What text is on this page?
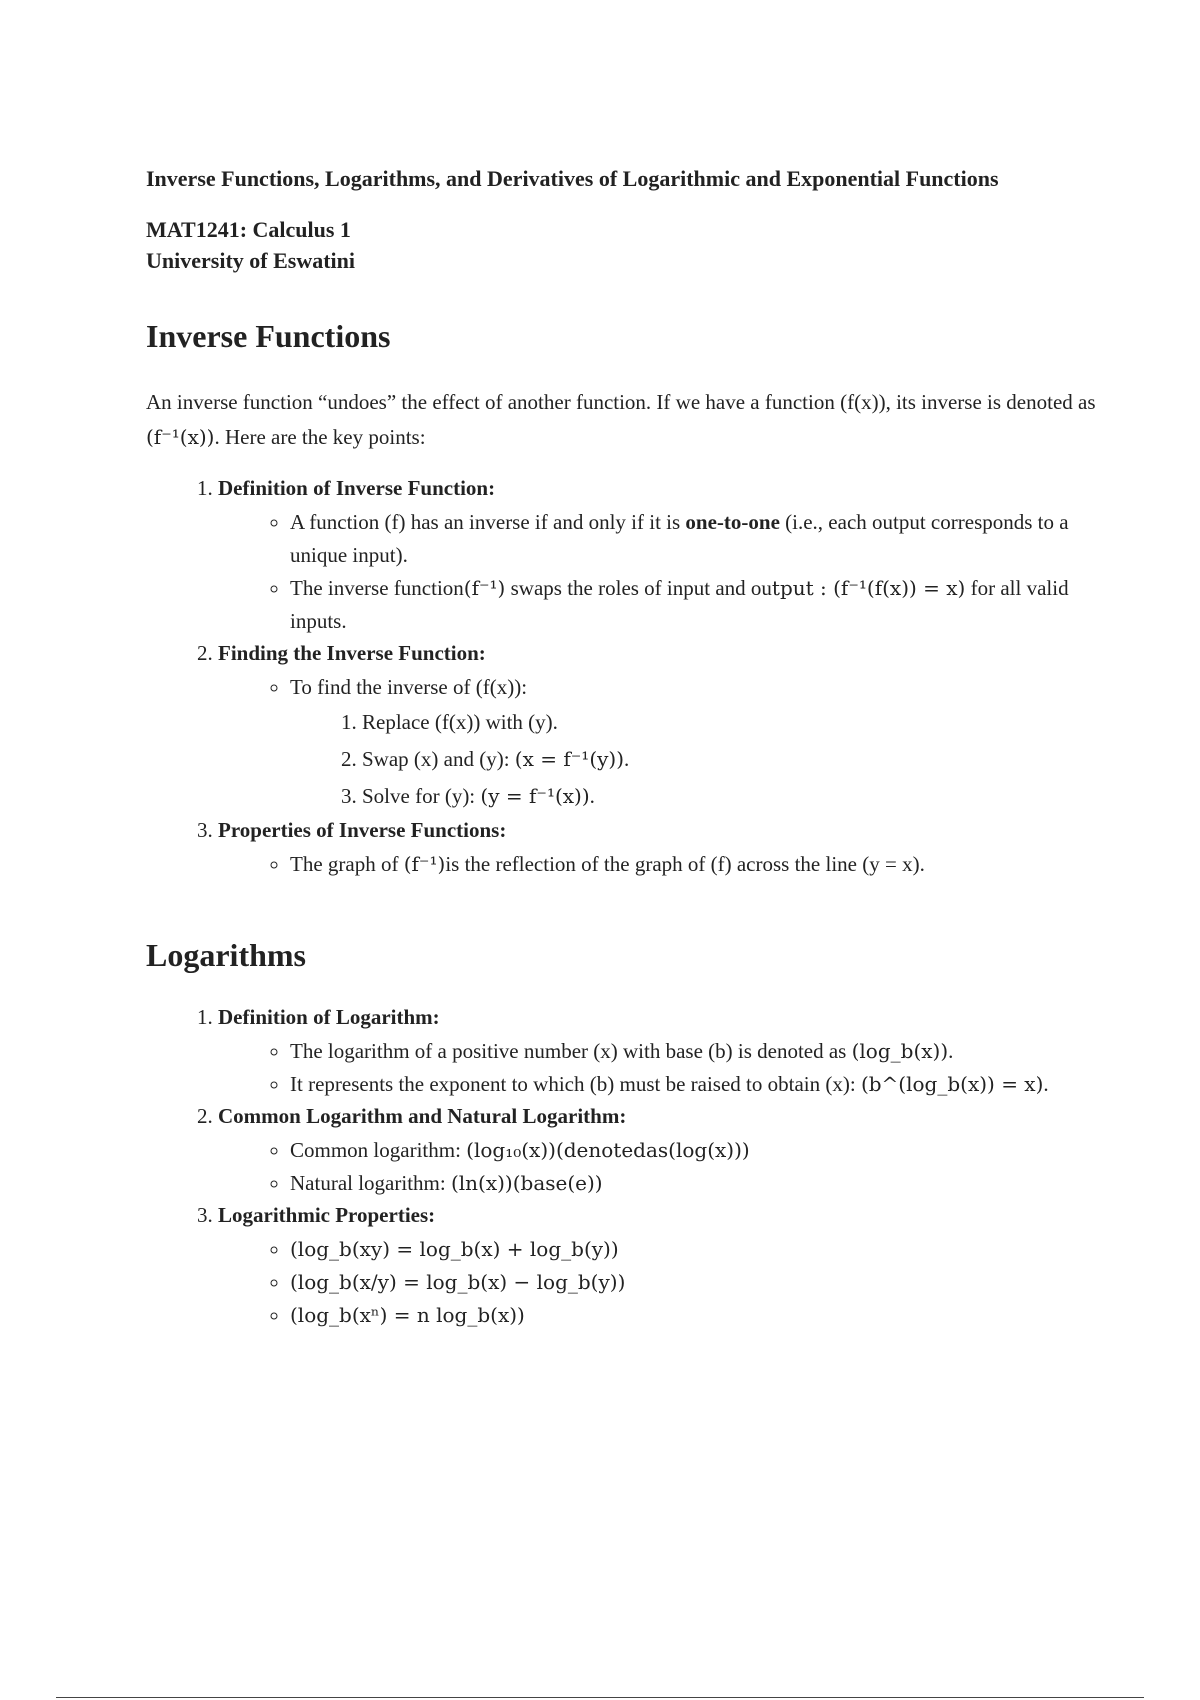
Inverse Functions, Logarithms, and Derivatives of Logarithmic and Exponential Functions

MAT1241: Calculus 1

University of Eswatini

Inverse Functions

An inverse function “undoes” the effect of another function. If we have a function (f(x)), its inverse is denoted as (f⁻¹(x)). Here are the key points:

1. Definition of Inverse Function:
◦ A function (f) has an inverse if and only if it is one-to-one (i.e., each output corresponds to a unique input).
◦ The inverse function(f⁻¹) swaps the roles of input and output : (f⁻¹(f(x)) = x) for all valid inputs.
2. Finding the Inverse Function:
◦ To find the inverse of (f(x)):
1. Replace (f(x)) with (y).
2. Swap (x) and (y): (x = f⁻¹(y)).
3. Solve for (y): (y = f⁻¹(x)).
3. Properties of Inverse Functions:
◦ The graph of (f⁻¹)is the reflection of the graph of (f) across the line (y = x).
Logarithms
1. Definition of Logarithm:
◦ The logarithm of a positive number (x) with base (b) is denoted as (log_b(x)).
◦ It represents the exponent to which (b) must be raised to obtain (x): (b^(log_b(x)) = x).
2. Common Logarithm and Natural Logarithm:
◦ Common logarithm: (log₁₀(x))(denotedas(log(x)))
◦ Natural logarithm: (ln(x))(base(e))
3. Logarithmic Properties:
◦ (log_b(xy) = log_b(x) + log_b(y))
◦ (log_b(x/y) = log_b(x) − log_b(y))
◦ (log_b(xⁿ) = n log_b(x))
